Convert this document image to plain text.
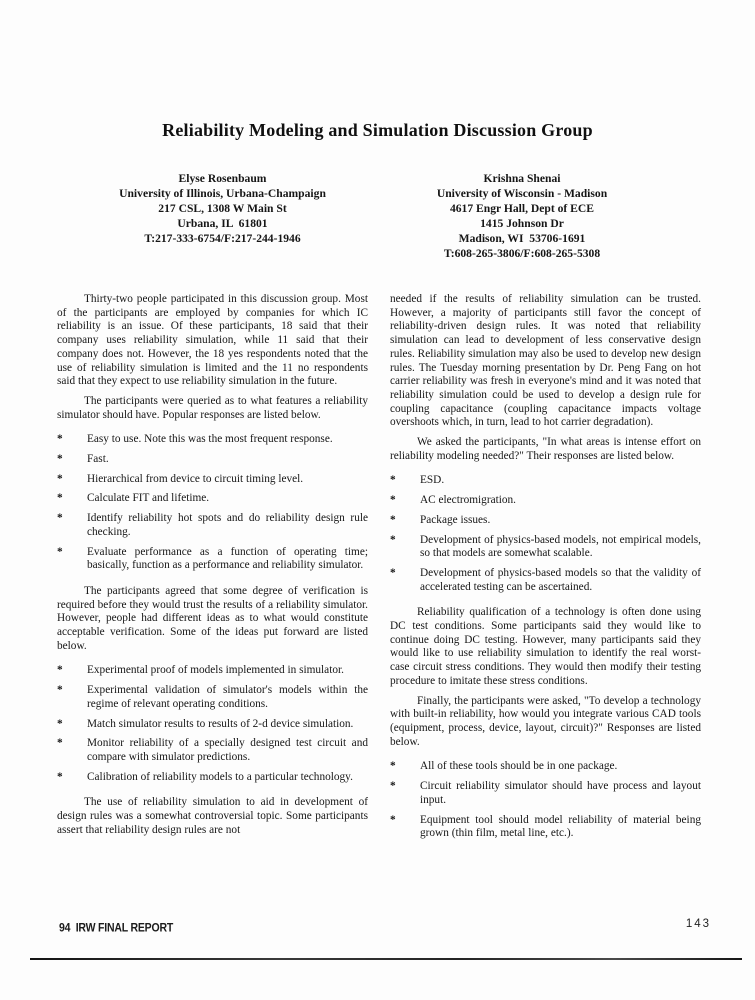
Reliability Modeling and Simulation Discussion Group
Elyse Rosenbaum
University of Illinois, Urbana-Champaign
217 CSL, 1308 W Main St
Urbana, IL  61801
T:217-333-6754/F:217-244-1946
Krishna Shenai
University of Wisconsin - Madison
4617 Engr Hall, Dept of ECE
1415 Johnson Dr
Madison, WI  53706-1691
T:608-265-3806/F:608-265-5308

Thirty-two people participated in this discussion group. Most of the participants are employed by companies for which IC reliability is an issue. Of these participants, 18 said that their company uses reliability simulation, while 11 said that their company does not. However, the 18 yes respondents noted that the use of reliability simulation is limited and the 11 no respondents said that they expect to use reliability simulation in the future.

The participants were queried as to what features a reliability simulator should have. Popular responses are listed below.

*	Easy to use. Note this was the most frequent response.
*	Fast.
*	Hierarchical from device to circuit timing level.
*	Calculate FIT and lifetime.
*	Identify reliability hot spots and do reliability design rule checking.
*	Evaluate performance as a function of operating time; basically, function as a performance and reliability simulator.

The participants agreed that some degree of verification is required before they would trust the results of a reliability simulator. However, people had different ideas as to what would constitute acceptable verification. Some of the ideas put forward are listed below.

*	Experimental proof of models implemented in simulator.
*	Experimental validation of simulator's models within the regime of relevant operating conditions.
*	Match simulator results to results of 2-d device simulation.
*	Monitor reliability of a specially designed test circuit and compare with simulator predictions.
*	Calibration of reliability models to a particular technology.

The use of reliability simulation to aid in development of design rules was a somewhat controversial topic. Some participants assert that reliability design rules are not

needed if the results of reliability simulation can be trusted. However, a majority of participants still favor the concept of reliability-driven design rules. It was noted that reliability simulation can lead to development of less conservative design rules. Reliability simulation may also be used to develop new design rules. The Tuesday morning presentation by Dr. Peng Fang on hot carrier reliability was fresh in everyone's mind and it was noted that reliability simulation could be used to develop a design rule for coupling capacitance (coupling capacitance impacts voltage overshoots which, in turn, lead to hot carrier degradation).

We asked the participants, "In what areas is intense effort on reliability modeling needed?" Their responses are listed below.

*	ESD.
*	AC electromigration.
*	Package issues.
*	Development of physics-based models, not empirical models, so that models are somewhat scalable.
*	Development of physics-based models so that the validity of accelerated testing can be ascertained.

Reliability qualification of a technology is often done using DC test conditions. Some participants said they would like to continue doing DC testing. However, many participants said they would like to use reliability simulation to identify the real worst-case circuit stress conditions. They would then modify their testing procedure to imitate these stress conditions.

Finally, the participants were asked, "To develop a technology with built-in reliability, how would you integrate various CAD tools (equipment, process, device, layout, circuit)?" Responses are listed below.

*	All of these tools should be in one package.
*	Circuit reliability simulator should have process and layout input.
*	Equipment tool should model reliability of material being grown (thin film, metal line, etc.).
94  IRW FINAL REPORT	143
